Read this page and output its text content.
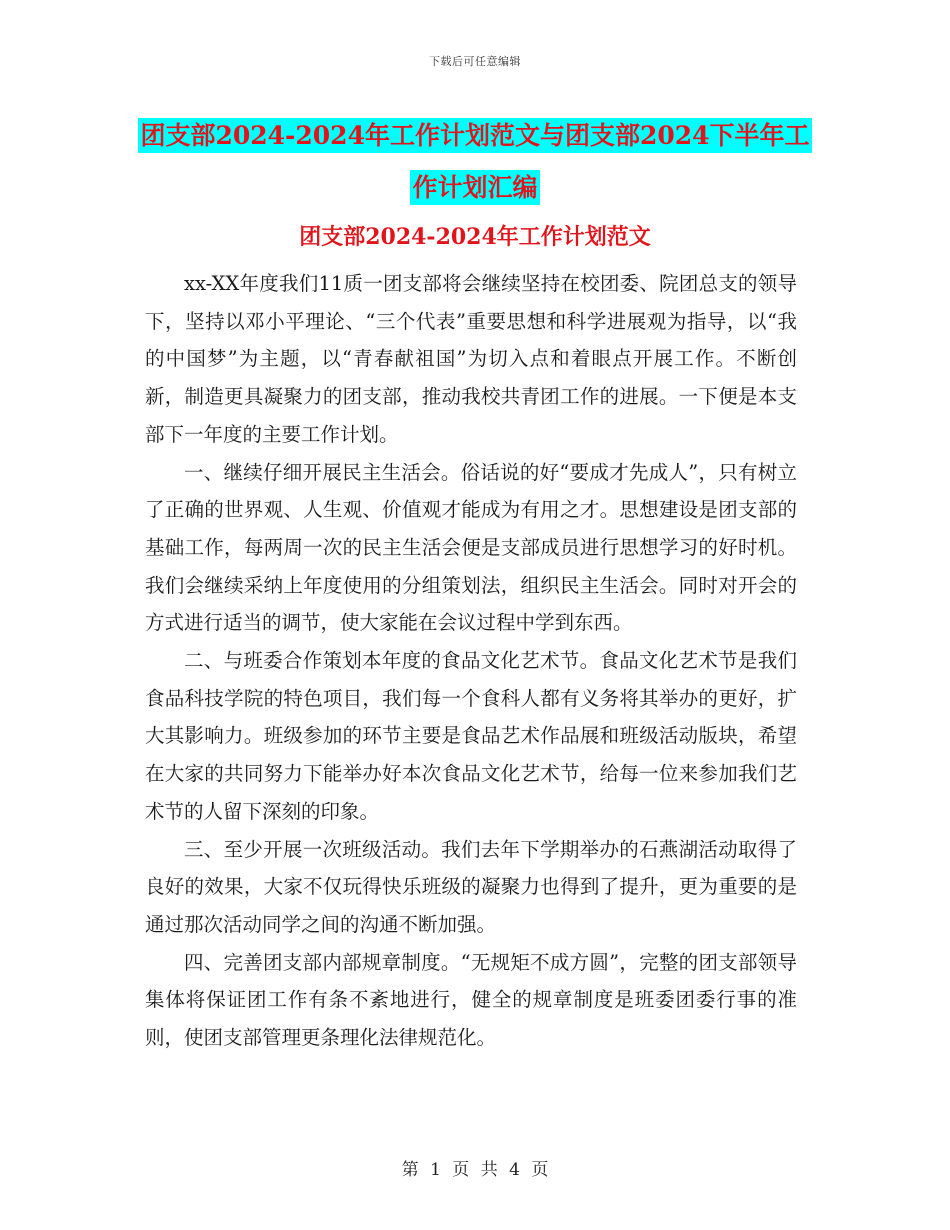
下载后可任意编辑
团支部2024-2024年工作计划范文与团支部2024下半年工作计划汇编
团支部2024-2024年工作计划范文

xx-XX年度我们11质一团支部将会继续坚持在校团委、院团总支的领导下，坚持以邓小平理论、“三个代表”重要思想和科学进展观为指导，以“我的中国梦”为主题，以“青春献祖国”为切入点和着眼点开展工作。不断创新，制造更具凝聚力的团支部，推动我校共青团工作的进展。一下便是本支部下一年度的主要工作计划。

一、继续仔细开展民主生活会。俗话说的好“要成才先成人”，只有树立了正确的世界观、人生观、价值观才能成为有用之才。思想建设是团支部的基础工作，每两周一次的民主生活会便是支部成员进行思想学习的好时机。我们会继续采纳上年度使用的分组策划法，组织民主生活会。同时对开会的方式进行适当的调节，使大家能在会议过程中学到东西。

二、与班委合作策划本年度的食品文化艺术节。食品文化艺术节是我们食品科技学院的特色项目，我们每一个食科人都有义务将其举办的更好，扩大其影响力。班级参加的环节主要是食品艺术作品展和班级活动版块，希望在大家的共同努力下能举办好本次食品文化艺术节，给每一位来参加我们艺术节的人留下深刻的印象。

三、至少开展一次班级活动。我们去年下学期举办的石燕湖活动取得了良好的效果，大家不仅玩得快乐班级的凝聚力也得到了提升，更为重要的是通过那次活动同学之间的沟通不断加强。

四、完善团支部内部规章制度。“无规矩不成方圆”，完整的团支部领导集体将保证团工作有条不紊地进行，健全的规章制度是班委团委行事的准则，使团支部管理更条理化法律规范化。

第 1 页 共 4 页
